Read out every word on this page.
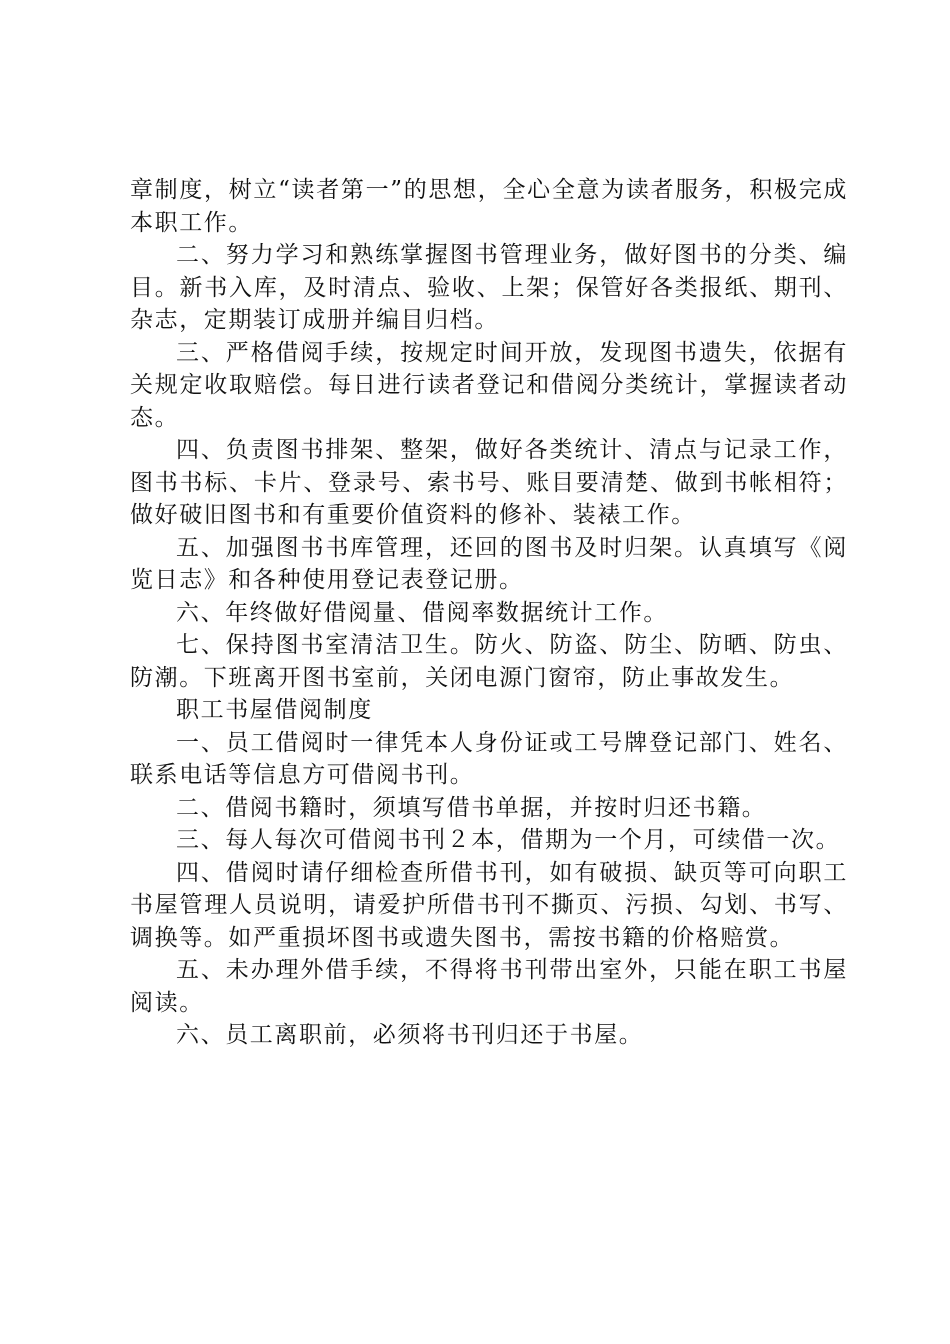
章制度，树立“读者第一”的思想，全心全意为读者服务，积极完成本职工作。

二、努力学习和熟练掌握图书管理业务，做好图书的分类、编目。新书入库，及时清点、验收、上架；保管好各类报纸、期刊、杂志，定期装订成册并编目归档。

三、严格借阅手续，按规定时间开放，发现图书遗失，依据有关规定收取赔偿。每日进行读者登记和借阅分类统计，掌握读者动态。

四、负责图书排架、整架，做好各类统计、清点与记录工作，图书书标、卡片、登录号、索书号、账目要清楚、做到书帐相符；做好破旧图书和有重要价值资料的修补、装裱工作。

五、加强图书书库管理，还回的图书及时归架。认真填写《阅览日志》和各种使用登记表登记册。

六、年终做好借阅量、借阅率数据统计工作。

七、保持图书室清洁卫生。防火、防盗、防尘、防晒、防虫、防潮。下班离开图书室前，关闭电源门窗帘，防止事故发生。

职工书屋借阅制度

一、员工借阅时一律凭本人身份证或工号牌登记部门、姓名、联系电话等信息方可借阅书刊。

二、借阅书籍时，须填写借书单据，并按时归还书籍。

三、每人每次可借阅书刊２本，借期为一个月，可续借一次。

四、借阅时请仔细检查所借书刊，如有破损、缺页等可向职工书屋管理人员说明，请爱护所借书刊不撕页、污损、勾划、书写、调换等。如严重损坏图书或遗失图书，需按书籍的价格赔赏。

五、未办理外借手续，不得将书刊带出室外，只能在职工书屋阅读。

六、员工离职前，必须将书刊归还于书屋。
